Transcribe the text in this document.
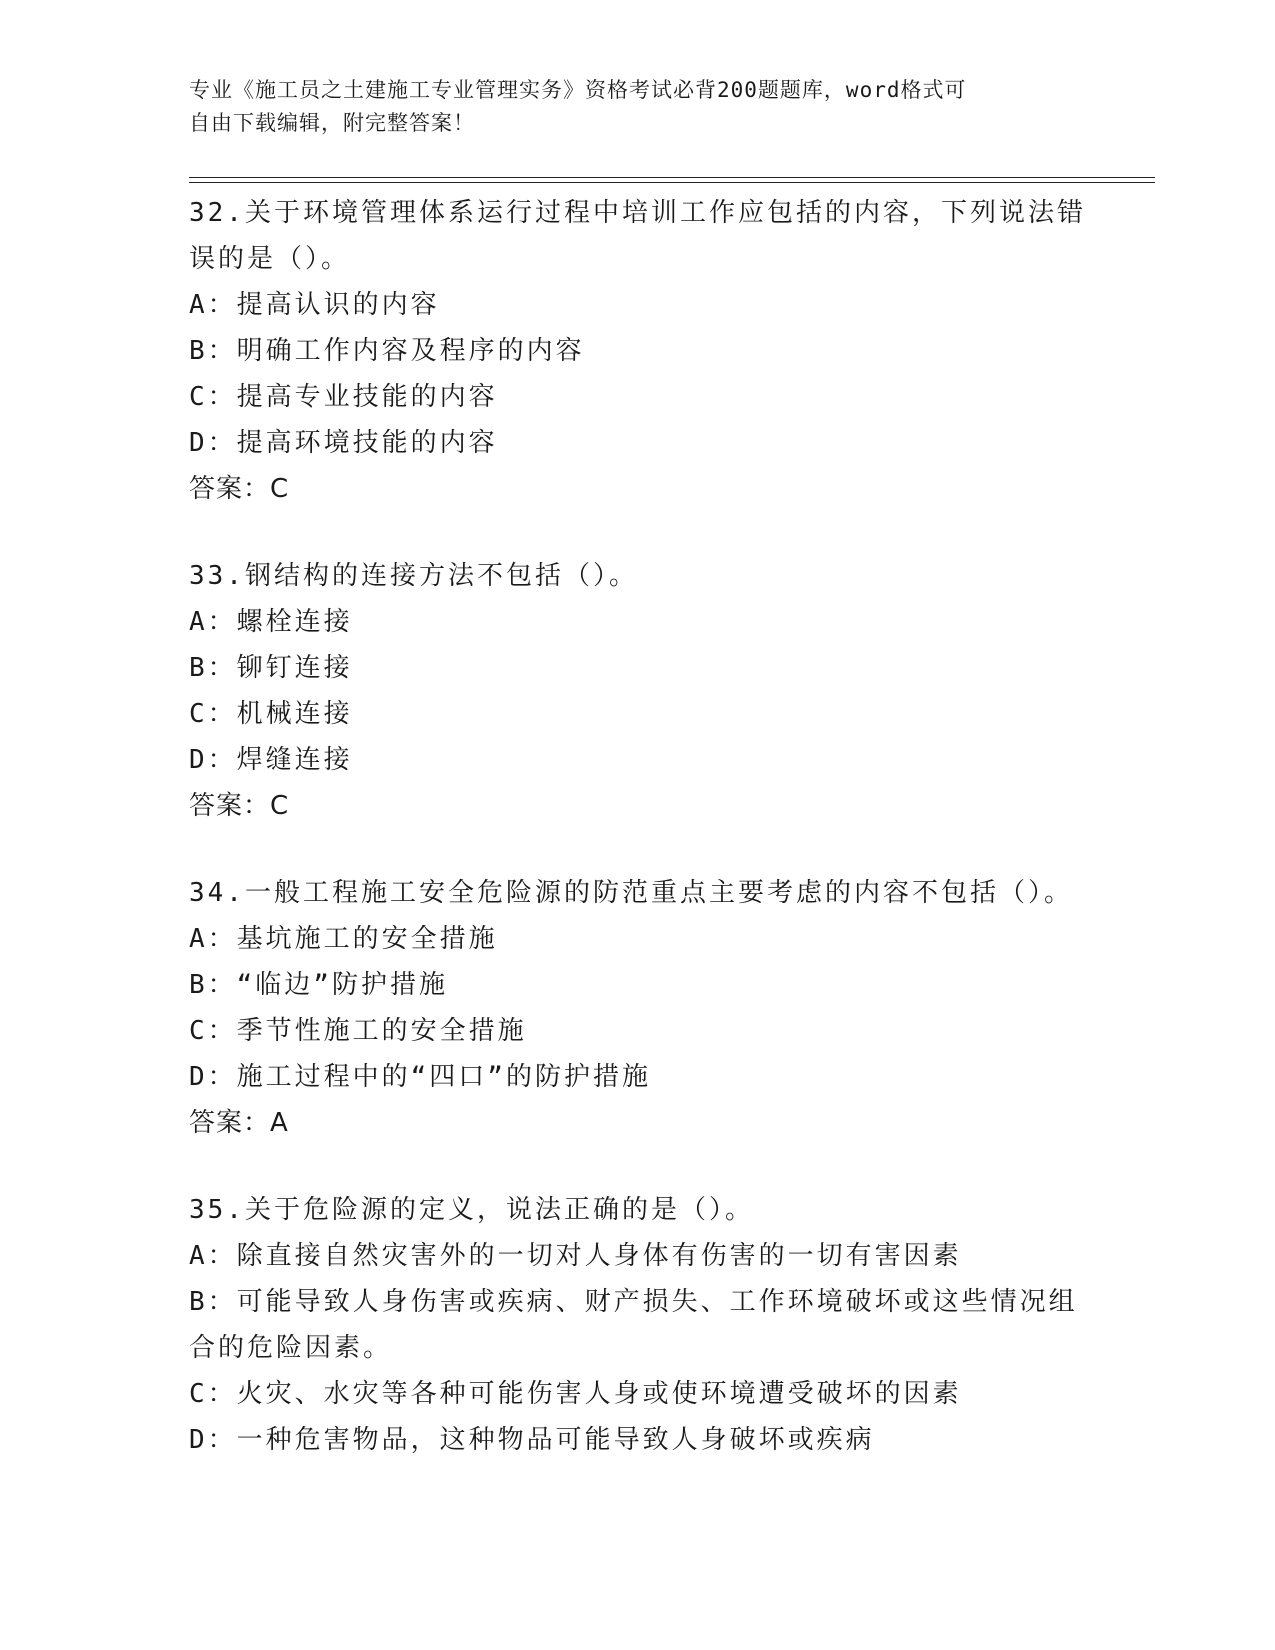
专业《施工员之土建施工专业管理实务》资格考试必背200题题库，word格式可
自由下载编辑，附完整答案！
32.关于环境管理体系运行过程中培训工作应包括的内容，下列说法错
误的是（）。
A：提高认识的内容
B：明确工作内容及程序的内容
C：提高专业技能的内容
D：提高环境技能的内容
答案：C
33.钢结构的连接方法不包括（）。
A：螺栓连接
B：铆钉连接
C：机械连接
D：焊缝连接
答案：C
34.一般工程施工安全危险源的防范重点主要考虑的内容不包括（）。
A：基坑施工的安全措施
B：“临边”防护措施
C：季节性施工的安全措施
D：施工过程中的“四口”的防护措施
答案：A
35.关于危险源的定义，说法正确的是（）。
A：除直接自然灾害外的一切对人身体有伤害的一切有害因素
B：可能导致人身伤害或疾病、财产损失、工作环境破坏或这些情况组
合的危险因素。
C：火灾、水灾等各种可能伤害人身或使环境遭受破坏的因素
D：一种危害物品，这种物品可能导致人身破坏或疾病
